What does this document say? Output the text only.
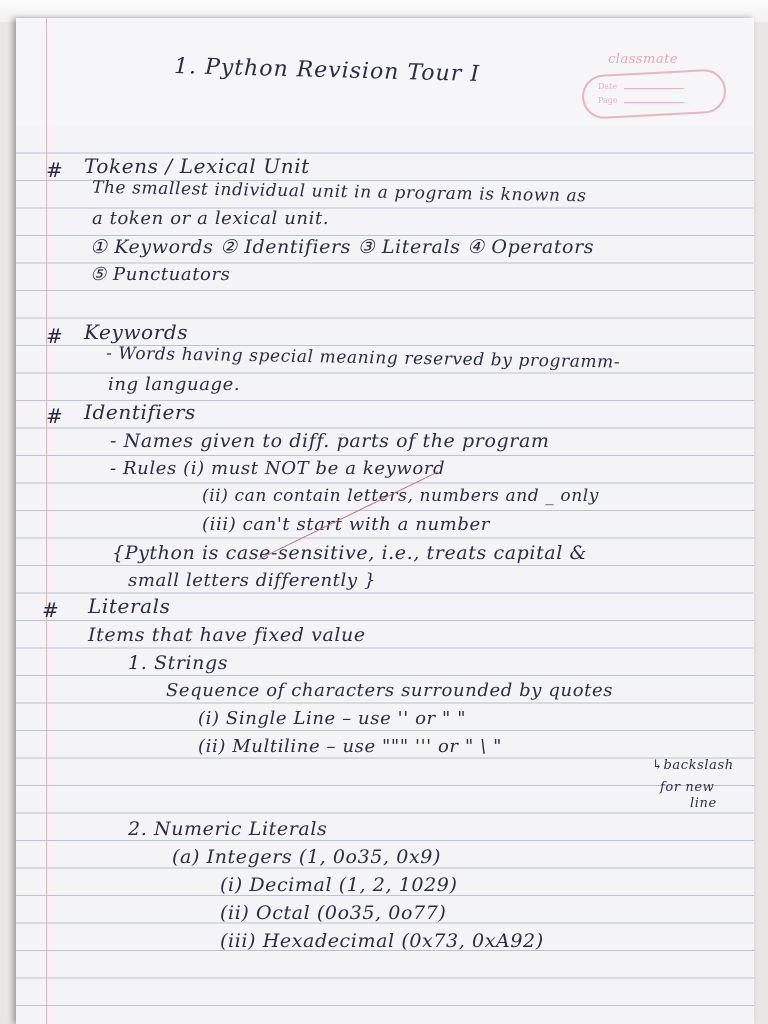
1. Python Revision Tour I	classmate
Date
Page
# Tokens / Lexical Unit
The smallest individual unit in a program is known as
a token or a lexical unit.
① Keywords ② Identifiers ③ Literals ④ Operators
⑤ Punctuators
# Keywords
- Words having special meaning reserved by programm-
ing language.
# Identifiers
- Names given to diff. parts of the program
- Rules (i) must NOT be a keyword
(ii) can contain letters, numbers and _ only
(iii) can't start with a number
{Python is case-sensitive, i.e., treats capital &
small letters differently }
# Literals
Items that have fixed value
1. Strings
Sequence of characters surrounded by quotes
(i) Single Line – use '' or " "
(ii) Multiline – use """ ''' or " \ "
↳backslash
for new
line
2. Numeric Literals
(a) Integers (1, 0o35, 0x9)
(i) Decimal (1, 2, 1029)
(ii) Octal (0o35, 0o77)
(iii) Hexadecimal (0x73, 0xA92)
